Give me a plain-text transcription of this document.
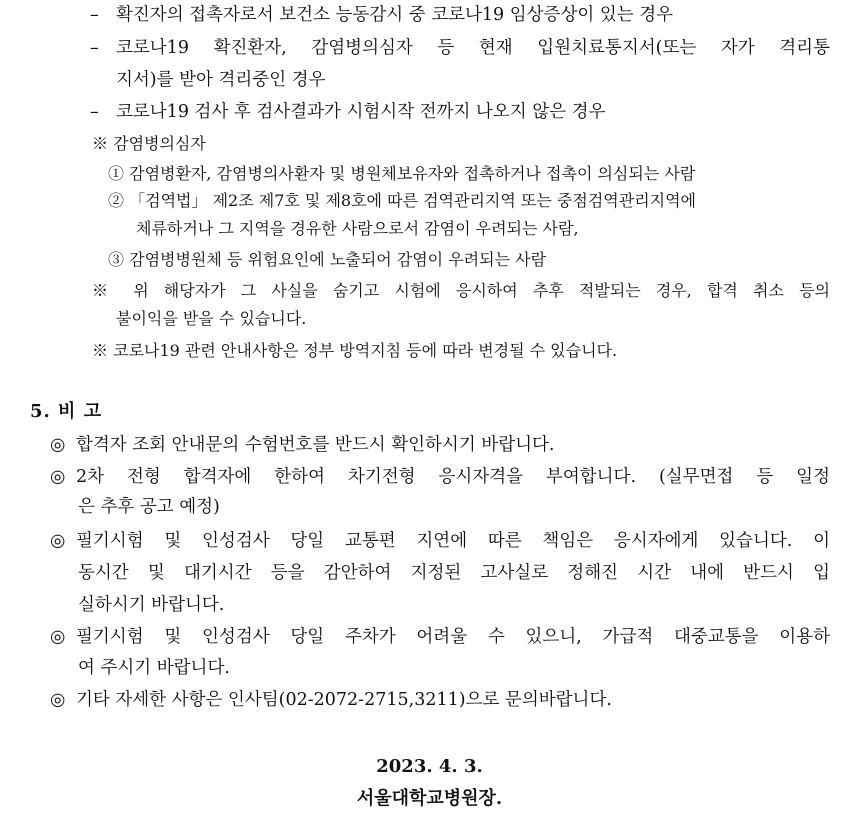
– 확진자의 접촉자로서 보건소 능동감시 중 코로나19 임상증상이 있는 경우
– 코로나19 확진환자, 감염병의심자 등 현재 입원치료통지서(또는 자가 격리통
지서)를 받아 격리중인 경우
– 코로나19 검사 후 검사결과가 시험시작 전까지 나오지 않은 경우
※ 감염병의심자
① 감염병환자, 감염병의사환자 및 병원체보유자와 접촉하거나 접촉이 의심되는 사람
② 「검역법」 제2조 제7호 및 제8호에 따른 검역관리지역 또는 중점검역관리지역에
체류하거나 그 지역을 경유한 사람으로서 감염이 우려되는 사람,
③ 감염병병원체 등 위험요인에 노출되어 감염이 우려되는 사람
※ 위 해당자가 그 사실을 숨기고 시험에 응시하여 추후 적발되는 경우, 합격 취소 등의
불이익을 받을 수 있습니다.
※ 코로나19 관련 안내사항은 정부 방역지침 등에 따라 변경될 수 있습니다.
5. 비 고
◎ 합격자 조회 안내문의 수험번호를 반드시 확인하시기 바랍니다.
◎ 2차 전형 합격자에 한하여 차기전형 응시자격을 부여합니다. (실무면접 등 일정
은 추후 공고 예정)
◎ 필기시험 및 인성검사 당일 교통편 지연에 따른 책임은 응시자에게 있습니다. 이
동시간 및 대기시간 등을 감안하여 지정된 고사실로 정해진 시간 내에 반드시 입
실하시기 바랍니다.
◎ 필기시험 및 인성검사 당일 주차가 어려울 수 있으니, 가급적 대중교통을 이용하
여 주시기 바랍니다.
◎ 기타 자세한 사항은 인사팀(02-2072-2715,3211)으로 문의바랍니다.
2023. 4. 3.
서울대학교병원장.
